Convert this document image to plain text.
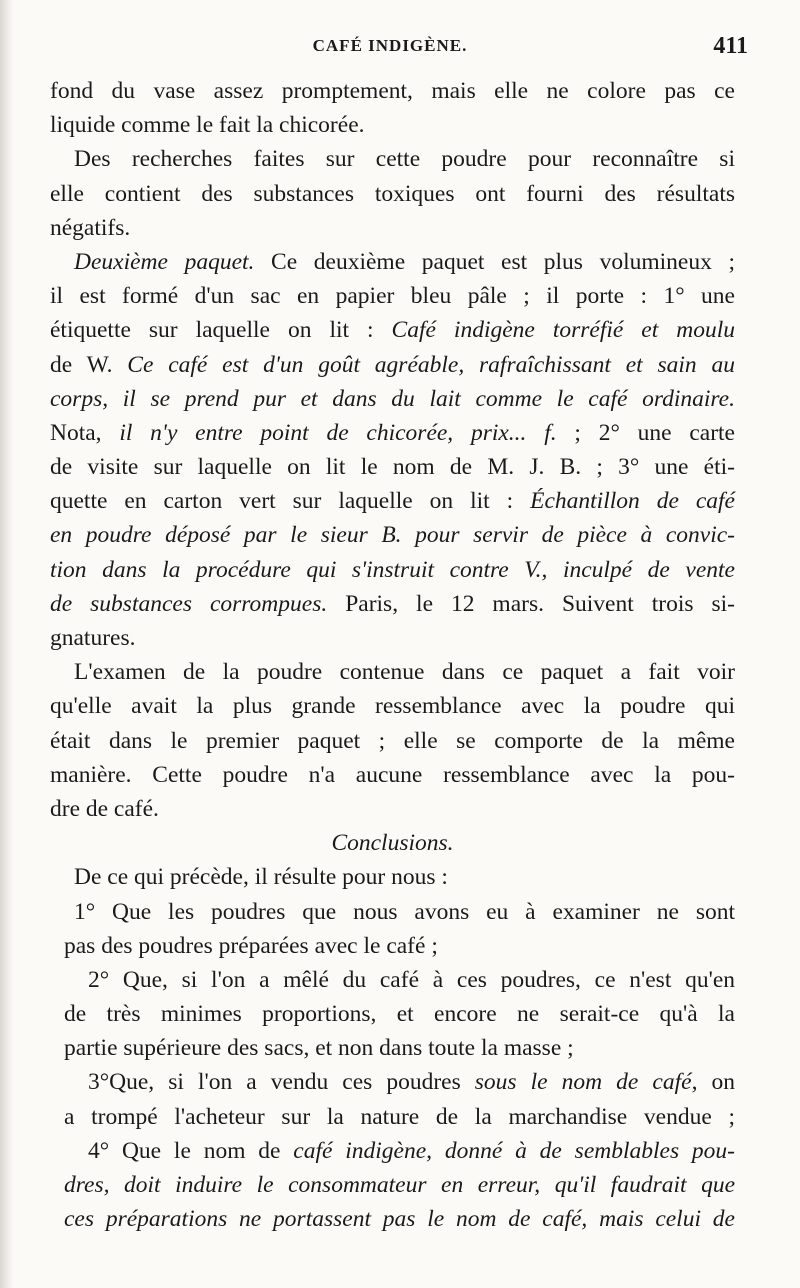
CAFÉ INDIGÈNE.	411
fond du vase assez promptement, mais elle ne colore pas ce
liquide comme le fait la chicorée.
Des recherches faites sur cette poudre pour reconnaître si
elle contient des substances toxiques ont fourni des résultats
négatifs.
Deuxième paquet. Ce deuxième paquet est plus volumineux ;
il est formé d'un sac en papier bleu pâle ; il porte : 1° une
étiquette sur laquelle on lit : Café indigène torréfié et moulu
de W. Ce café est d'un goût agréable, rafraîchissant et sain au
corps, il se prend pur et dans du lait comme le café ordinaire.
Nota, il n'y entre point de chicorée, prix... f. ; 2° une carte
de visite sur laquelle on lit le nom de M. J. B. ; 3° une éti-
quette en carton vert sur laquelle on lit : Échantillon de café
en poudre déposé par le sieur B. pour servir de pièce à convic-
tion dans la procédure qui s'instruit contre V., inculpé de vente
de substances corrompues. Paris, le 12 mars. Suivent trois si-
gnatures.
L'examen de la poudre contenue dans ce paquet a fait voir
qu'elle avait la plus grande ressemblance avec la poudre qui
était dans le premier paquet ; elle se comporte de la même
manière. Cette poudre n'a aucune ressemblance avec la pou-
dre de café.
Conclusions.
De ce qui précède, il résulte pour nous :
1° Que les poudres que nous avons eu à examiner ne sont
pas des poudres préparées avec le café ;
2° Que, si l'on a mêlé du café à ces poudres, ce n'est qu'en
de très minimes proportions, et encore ne serait-ce qu'à la
partie supérieure des sacs, et non dans toute la masse ;
3°Que, si l'on a vendu ces poudres sous le nom de café, on
a trompé l'acheteur sur la nature de la marchandise vendue ;
4° Que le nom de café indigène, donné à de semblables pou-
dres, doit induire le consommateur en erreur, qu'il faudrait que
ces préparations ne portassent pas le nom de café, mais celui de
